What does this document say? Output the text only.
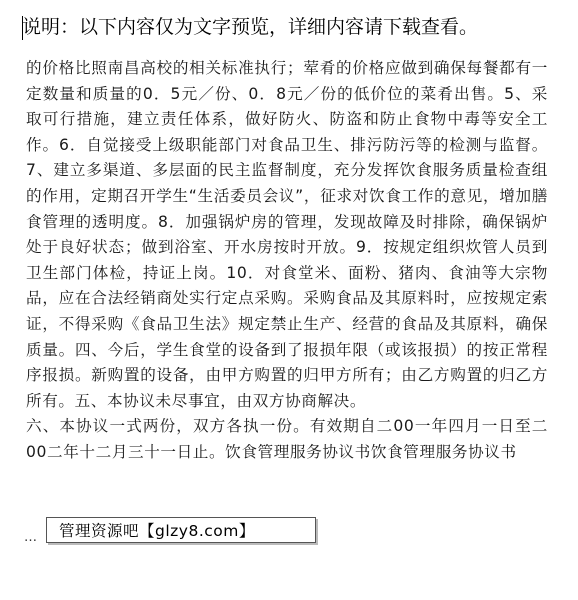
说明：以下内容仅为文字预览，详细内容请下载查看。

的价格比照南昌高校的相关标准执行；荤肴的价格应做到确保每餐都有一定数量和质量的0．5元／份、0．8元／份的低价位的菜肴出售。5、采取可行措施，建立责任体系，做好防火、防盗和防止食物中毒等安全工作。6．自觉接受上级职能部门对食品卫生、排污防污等的检测与监督。7、建立多渠道、多层面的民主监督制度，充分发挥饮食服务质量检查组的作用，定期召开学生“生活委员会议”，征求对饮食工作的意见，增加膳食管理的透明度。8．加强锅炉房的管理，发现故障及时排除，确保锅炉处于良好状态；做到浴室、开水房按时开放。9．按规定组织炊管人员到卫生部门体检，持证上岗。10．对食堂米、面粉、猪肉、食油等大宗物品，应在合法经销商处实行定点采购。采购食品及其原料时，应按规定索证，不得采购《食品卫生法》规定禁止生产、经营的食品及其原料，确保质量。四、今后，学生食堂的设备到了报损年限（或该报损）的按正常程序报损。新购置的设备，由甲方购置的归甲方所有；由乙方购置的归乙方所有。五、本协议未尽事宜，由双方协商解决。

六、本协议一式两份，双方各执一份。有效期自二00一年四月一日至二00二年十二月三十一日止。饮食管理服务协议书饮食管理服务协议书

…	管理资源吧【glzy8.com】
